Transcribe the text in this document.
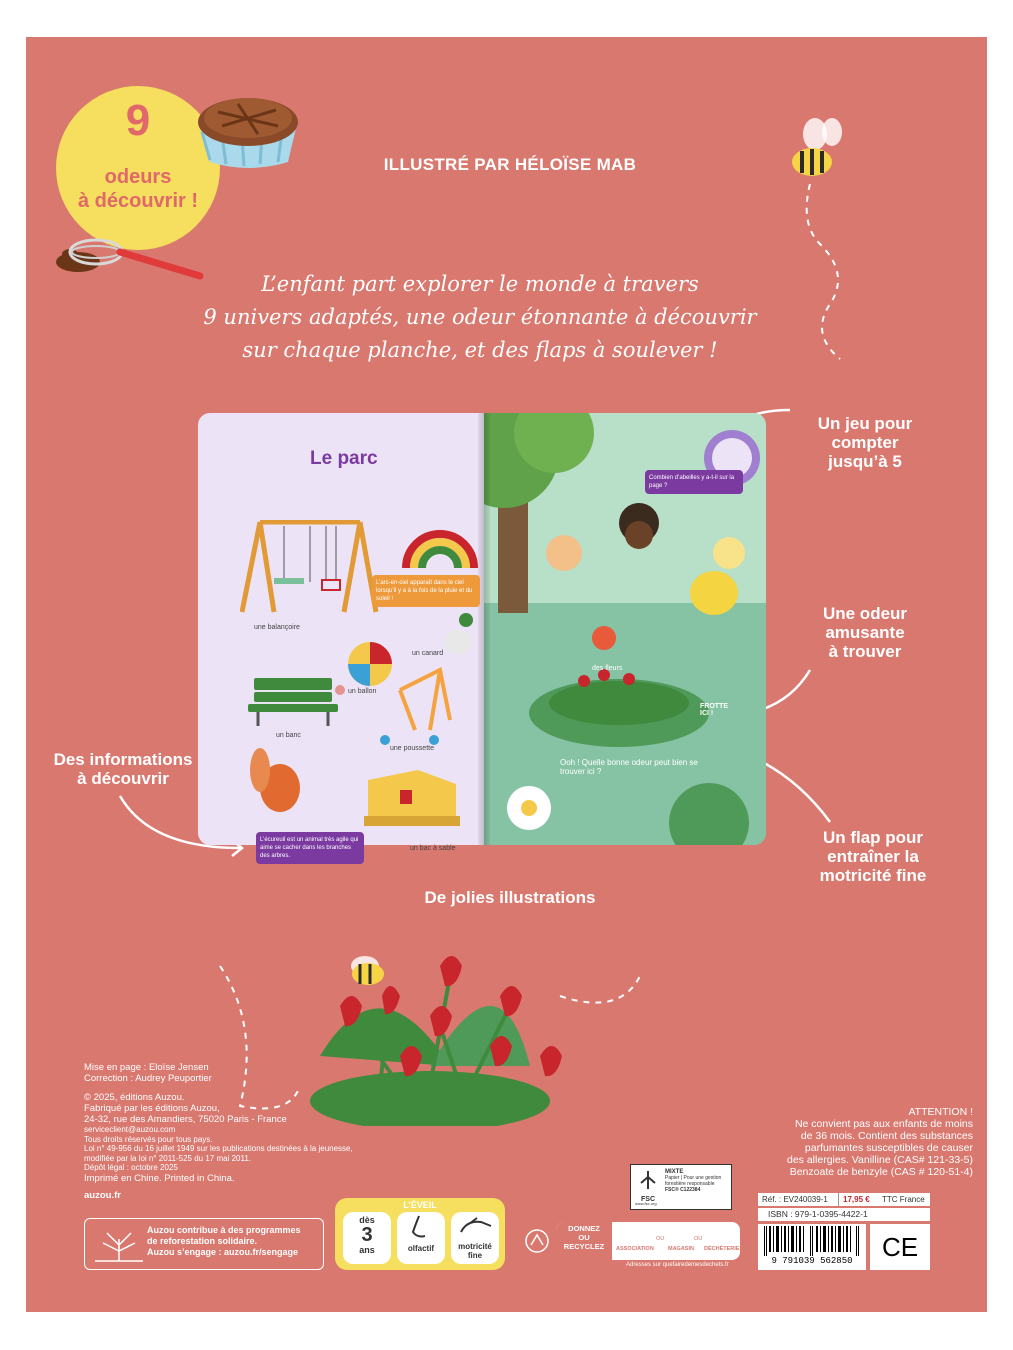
9
odeurs
à découvrir !
ILLUSTRÉ PAR HÉLOÏSE MAB
L’enfant part explorer le monde à travers
9 univers adaptés, une odeur étonnante à découvrir
sur chaque planche, et des flaps à soulever !
Un jeu pour
compter
jusqu’à 5
Une odeur
amusante
à trouver
Des informations
à découvrir
Un flap pour
entraîner la
motricité fine
De jolies illustrations
Le parc
une balançoire
un canard
un ballon
un banc
une poussette
un bac à sable
L’arc-en-ciel apparaît dans le ciel lorsqu’il y a à la fois de la pluie et du soleil !
L’écureuil est un animal très agile qui aime se cacher dans les branches des arbres.
Combien d’abeilles y a-t-il sur la page ?
des fleurs
FROTTE ICI !
Ooh ! Quelle bonne odeur peut bien se trouver ici ?
Mise en page : Eloïse Jensen
Correction : Audrey Peuportier
© 2025, éditions Auzou.
Fabriqué par les éditions Auzou,
24-32, rue des Amandiers, 75020 Paris - France
serviceclient@auzou.com
Tous droits réservés pour tous pays.
Loi n° 49-956 du 16 juillet 1949 sur les publications destinées à la jeunesse,
modifiée par la loi n° 2011-525 du 17 mai 2011.
Dépôt légal : octobre 2025
Imprimé en Chine. Printed in China.
auzou.fr
Auzou contribue à des programmes
de reforestation solidaire.
Auzou s’engage : auzou.fr/sengage
L’ÉVEIL
dès
3
ans	olfactif	motricité
fine
DONNEZ
OU
RECYCLEZ	ASSOCIATION
OU
MAGASIN
OU
DÉCHÈTERIE
Adresses sur quefairedemesdechets.fr
FSC
MIXTE
Papier | Pour une gestion forestière responsable
FSC® C122384
www.fsc.org
ATTENTION !
Ne convient pas aux enfants de moins
de 36 mois. Contient des substances
parfumantes susceptibles de causer
des allergies. Vanilline (CAS# 121-33-5)
Benzoate de benzyle (CAS # 120-51-4)
Réf. : EV240039-1	17,95 € TTC France
ISBN : 979-1-0395-4422-1
9 791039 562850	CE
